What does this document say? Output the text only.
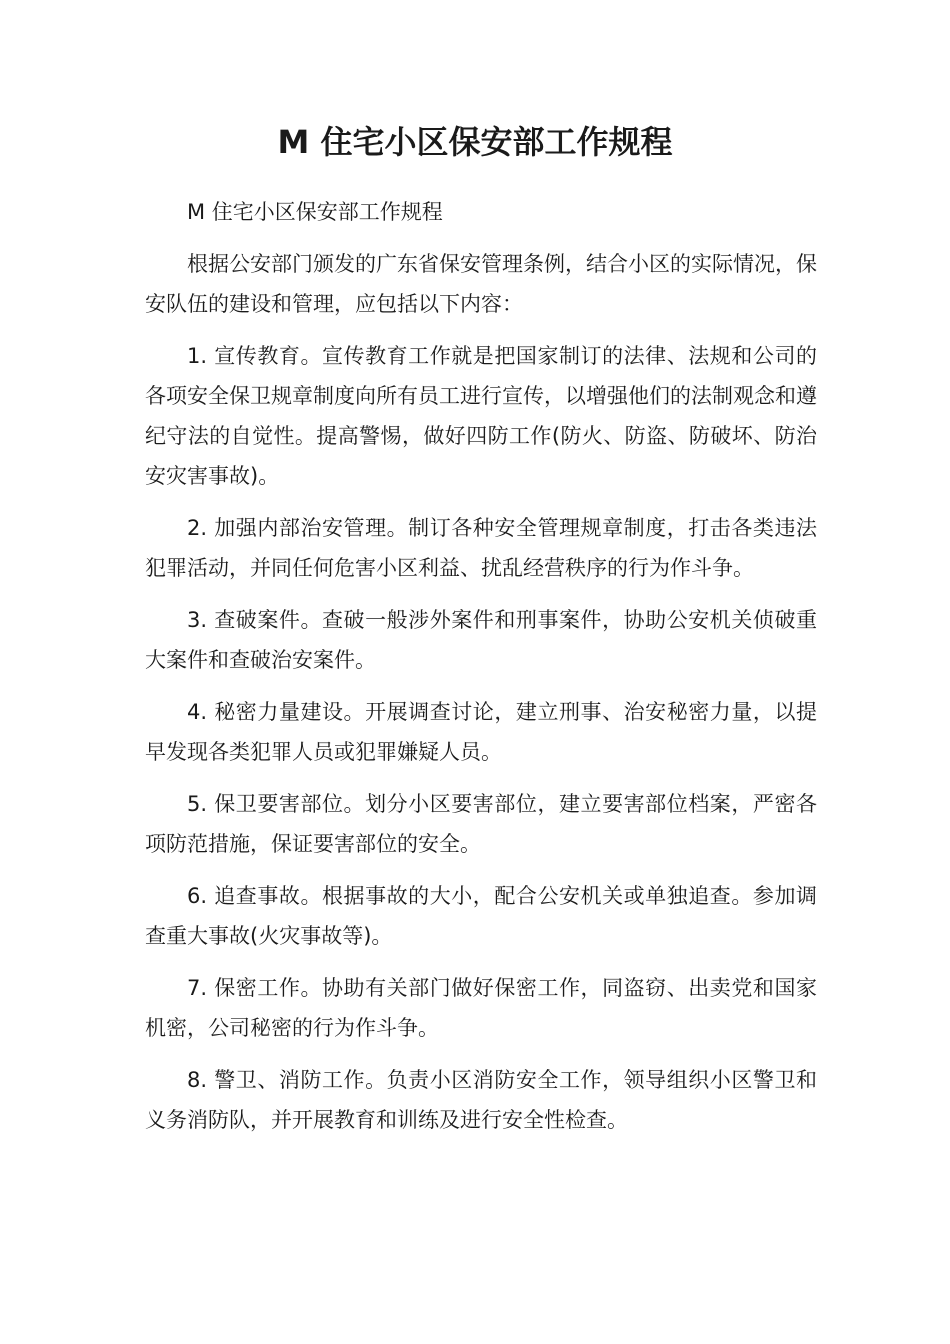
M 住宅小区保安部工作规程

M 住宅小区保安部工作规程

根据公安部门颁发的广东省保安管理条例，结合小区的实际情况，保安队伍的建设和管理，应包括以下内容：

1. 宣传教育。宣传教育工作就是把国家制订的法律、法规和公司的各项安全保卫规章制度向所有员工进行宣传，以增强他们的法制观念和遵纪守法的自觉性。提高警惕，做好四防工作(防火、防盗、防破坏、防治安灾害事故)。

2. 加强内部治安管理。制订各种安全管理规章制度，打击各类违法犯罪活动，并同任何危害小区利益、扰乱经营秩序的行为作斗争。

3. 查破案件。查破一般涉外案件和刑事案件，协助公安机关侦破重大案件和查破治安案件。

4. 秘密力量建设。开展调查讨论，建立刑事、治安秘密力量，以提早发现各类犯罪人员或犯罪嫌疑人员。

5. 保卫要害部位。划分小区要害部位，建立要害部位档案，严密各项防范措施，保证要害部位的安全。

6. 追查事故。根据事故的大小，配合公安机关或单独追查。参加调查重大事故(火灾事故等)。

7. 保密工作。协助有关部门做好保密工作，同盗窃、出卖党和国家机密，公司秘密的行为作斗争。

8. 警卫、消防工作。负责小区消防安全工作，领导组织小区警卫和义务消防队，并开展教育和训练及进行安全性检查。
